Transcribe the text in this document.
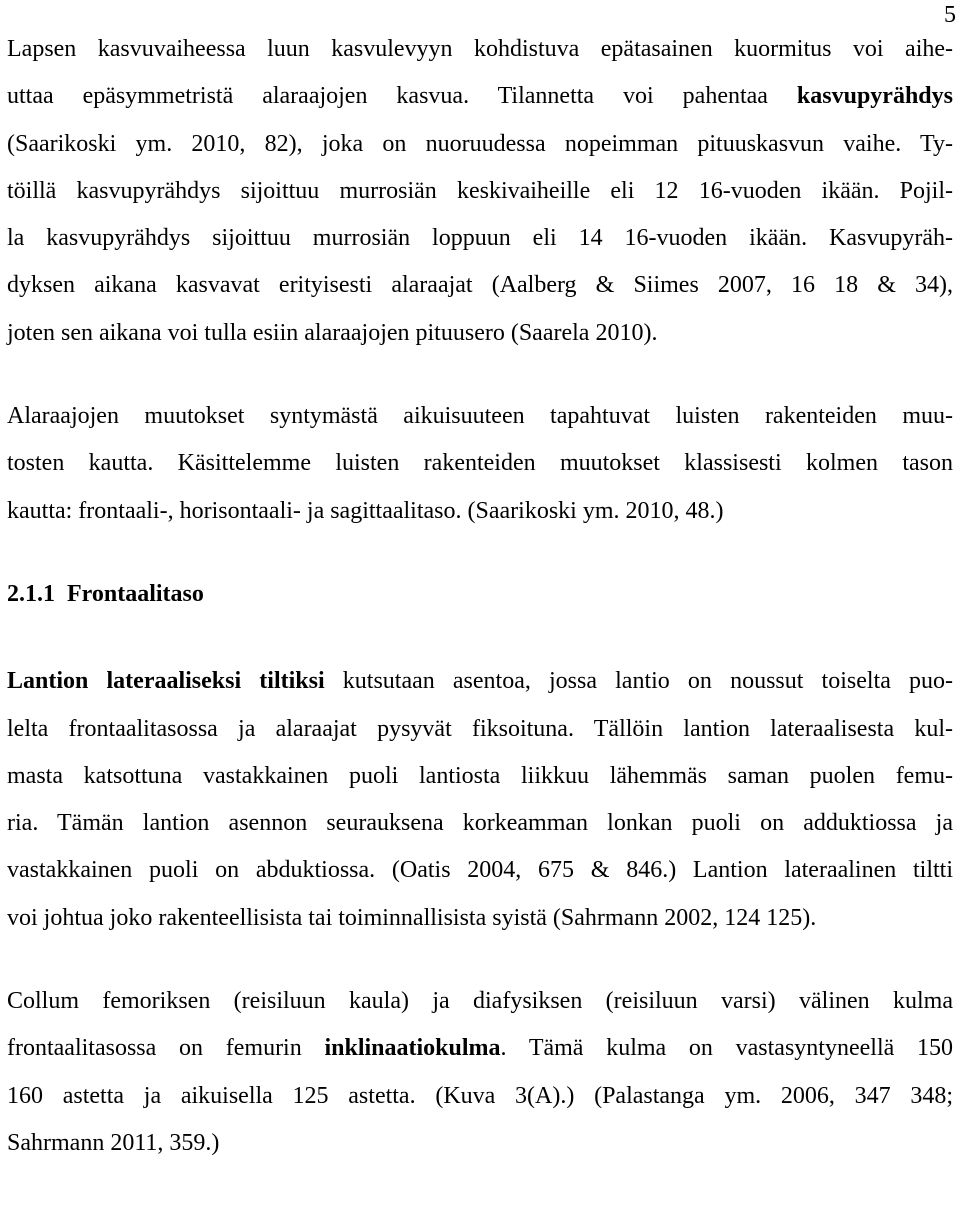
5
Lapsen kasvuvaiheessa luun kasvulevyyn kohdistuva epätasainen kuormitus voi aihe-
uttaa epäsymmetristä alaraajojen kasvua. Tilannetta voi pahentaa kasvupyrähdys
(Saarikoski ym. 2010, 82), joka on nuoruudessa nopeimman pituuskasvun vaihe. Ty-
töillä kasvupyrähdys sijoittuu murrosiän keskivaiheille eli 12 16-vuoden ikään. Pojil-
la kasvupyrähdys sijoittuu murrosiän loppuun eli 14 16-vuoden ikään. Kasvupyräh-
dyksen aikana kasvavat erityisesti alaraajat (Aalberg & Siimes 2007, 16 18 & 34),
joten sen aikana voi tulla esiin alaraajojen pituusero (Saarela 2010).
Alaraajojen muutokset syntymästä aikuisuuteen tapahtuvat luisten rakenteiden muu-
tosten kautta. Käsittelemme luisten rakenteiden muutokset klassisesti kolmen tason
kautta: frontaali-, horisontaali- ja sagittaalitaso. (Saarikoski ym. 2010, 48.)
2.1.1 Frontaalitaso
Lantion lateraaliseksi tiltiksi kutsutaan asentoa, jossa lantio on noussut toiselta puo-
lelta frontaalitasossa ja alaraajat pysyvät fiksoituna. Tällöin lantion lateraalisesta kul-
masta katsottuna vastakkainen puoli lantiosta liikkuu lähemmäs saman puolen femu-
ria. Tämän lantion asennon seurauksena korkeamman lonkan puoli on adduktiossa ja
vastakkainen puoli on abduktiossa. (Oatis 2004, 675 & 846.) Lantion lateraalinen tiltti
voi johtua joko rakenteellisista tai toiminnallisista syistä (Sahrmann 2002, 124 125).
Collum femoriksen (reisiluun kaula) ja diafysiksen (reisiluun varsi) välinen kulma
frontaalitasossa on femurin inklinaatiokulma. Tämä kulma on vastasyntyneellä 150
160 astetta ja aikuisella 125 astetta. (Kuva 3(A).) (Palastanga ym. 2006, 347 348;
Sahrmann 2011, 359.)
